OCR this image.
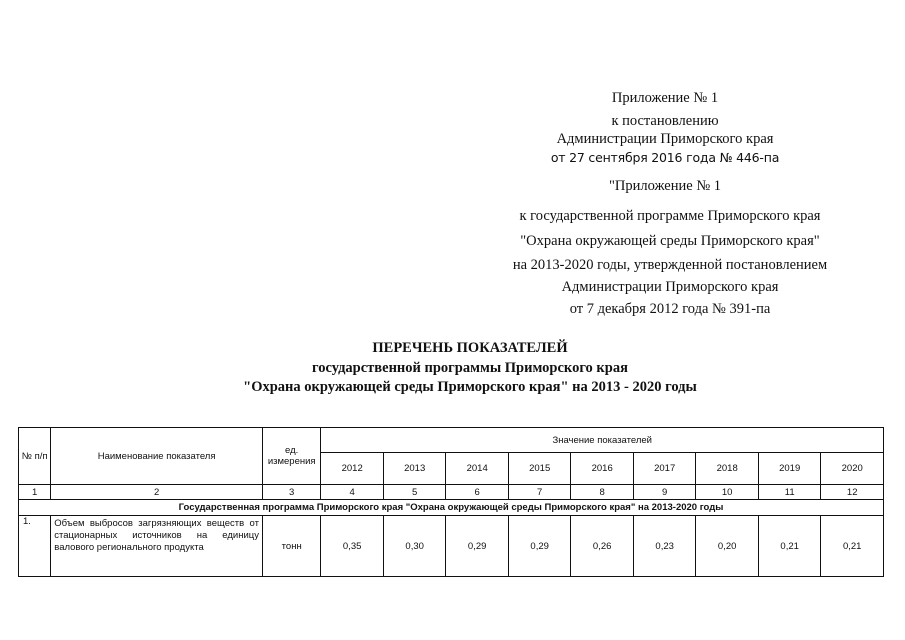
Приложение № 1
к постановлению
Администрации Приморского края
от 27 сентября 2016 года № 446-па
"Приложение № 1
к государственной программе Приморского края
"Охрана окружающей среды Приморского края"
на 2013-2020 годы, утвержденной постановлением
Администрации Приморского края
от 7 декабря 2012 года № 391-па
ПЕРЕЧЕНЬ ПОКАЗАТЕЛЕЙ
государственной программы Приморского края
"Охрана окружающей среды Приморского края" на 2013 - 2020 годы
№ п/п	Наименование показателя	ед. измерения	Значение показателей								
			2012	2013	2014	2015	2016	2017	2018	2019	2020
1	2	3	4	5	6	7	8	9	10	11	12
Государственная программа Приморского края "Охрана окружающей среды Приморского края" на 2013-2020 годы											
1.	Объем выбросов загрязняющих веществ от стационарных источников на единицу валового регионального продукта	тонн	0,35	0,30	0,29	0,29	0,26	0,23	0,20	0,21	0,21
